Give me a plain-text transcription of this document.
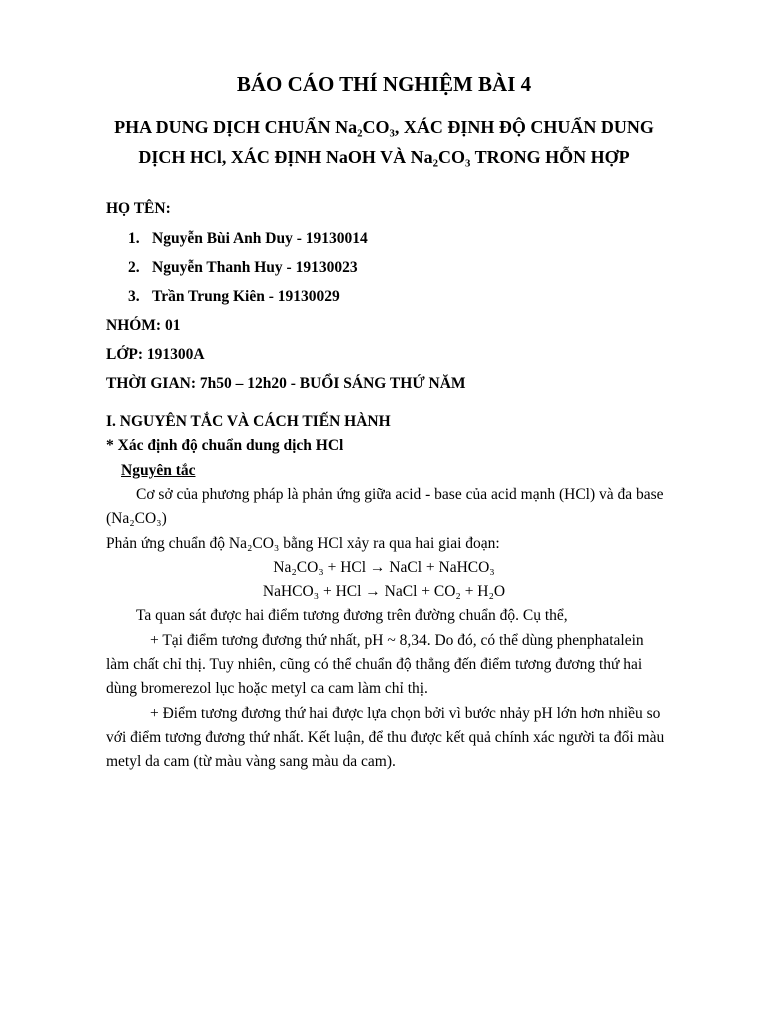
BÁO CÁO THÍ NGHIỆM BÀI 4
PHA DUNG DỊCH CHUẨN Na₂CO₃, XÁC ĐỊNH ĐỘ CHUẨN DUNG
DỊCH HCl, XÁC ĐỊNH NaOH VÀ Na₂CO₃ TRONG HỖN HỢP
HỌ TÊN:
1. Nguyễn Bùi Anh Duy - 19130014
2. Nguyễn Thanh Huy - 19130023
3. Trần Trung Kiên - 19130029
NHÓM: 01
LỚP: 191300A
THỜI GIAN: 7h50 – 12h20 - BUỔI SÁNG THỨ NĂM
I. NGUYÊN TẮC VÀ CÁCH TIẾN HÀNH
* Xác định độ chuẩn dung dịch HCl
Nguyên tắc
Cơ sở của phương pháp là phản ứng giữa acid - base của acid mạnh (HCl) và đa base
(Na₂CO₃)
Phản ứng chuẩn độ Na₂CO₃ bằng HCl xảy ra qua hai giai đoạn:
Na₂CO₃ + HCl → NaCl + NaHCO₃
NaHCO₃ + HCl → NaCl + CO₂ + H₂O
Ta quan sát được hai điểm tương đương trên đường chuẩn độ. Cụ thể,
+ Tại điểm tương đương thứ nhất, pH ~ 8,34. Do đó, có thể dùng phenphatalein
làm chất chỉ thị. Tuy nhiên, cũng có thể chuẩn độ thẳng đến điểm tương đương thứ hai
dùng bromerezol lục hoặc metyl ca cam làm chỉ thị.
+ Điểm tương đương thứ hai được lựa chọn bởi vì bước nhảy pH lớn hơn nhiều so
với điểm tương đương thứ nhất. Kết luận, để thu được kết quả chính xác người ta đổi màu
metyl da cam (từ màu vàng sang màu da cam).
